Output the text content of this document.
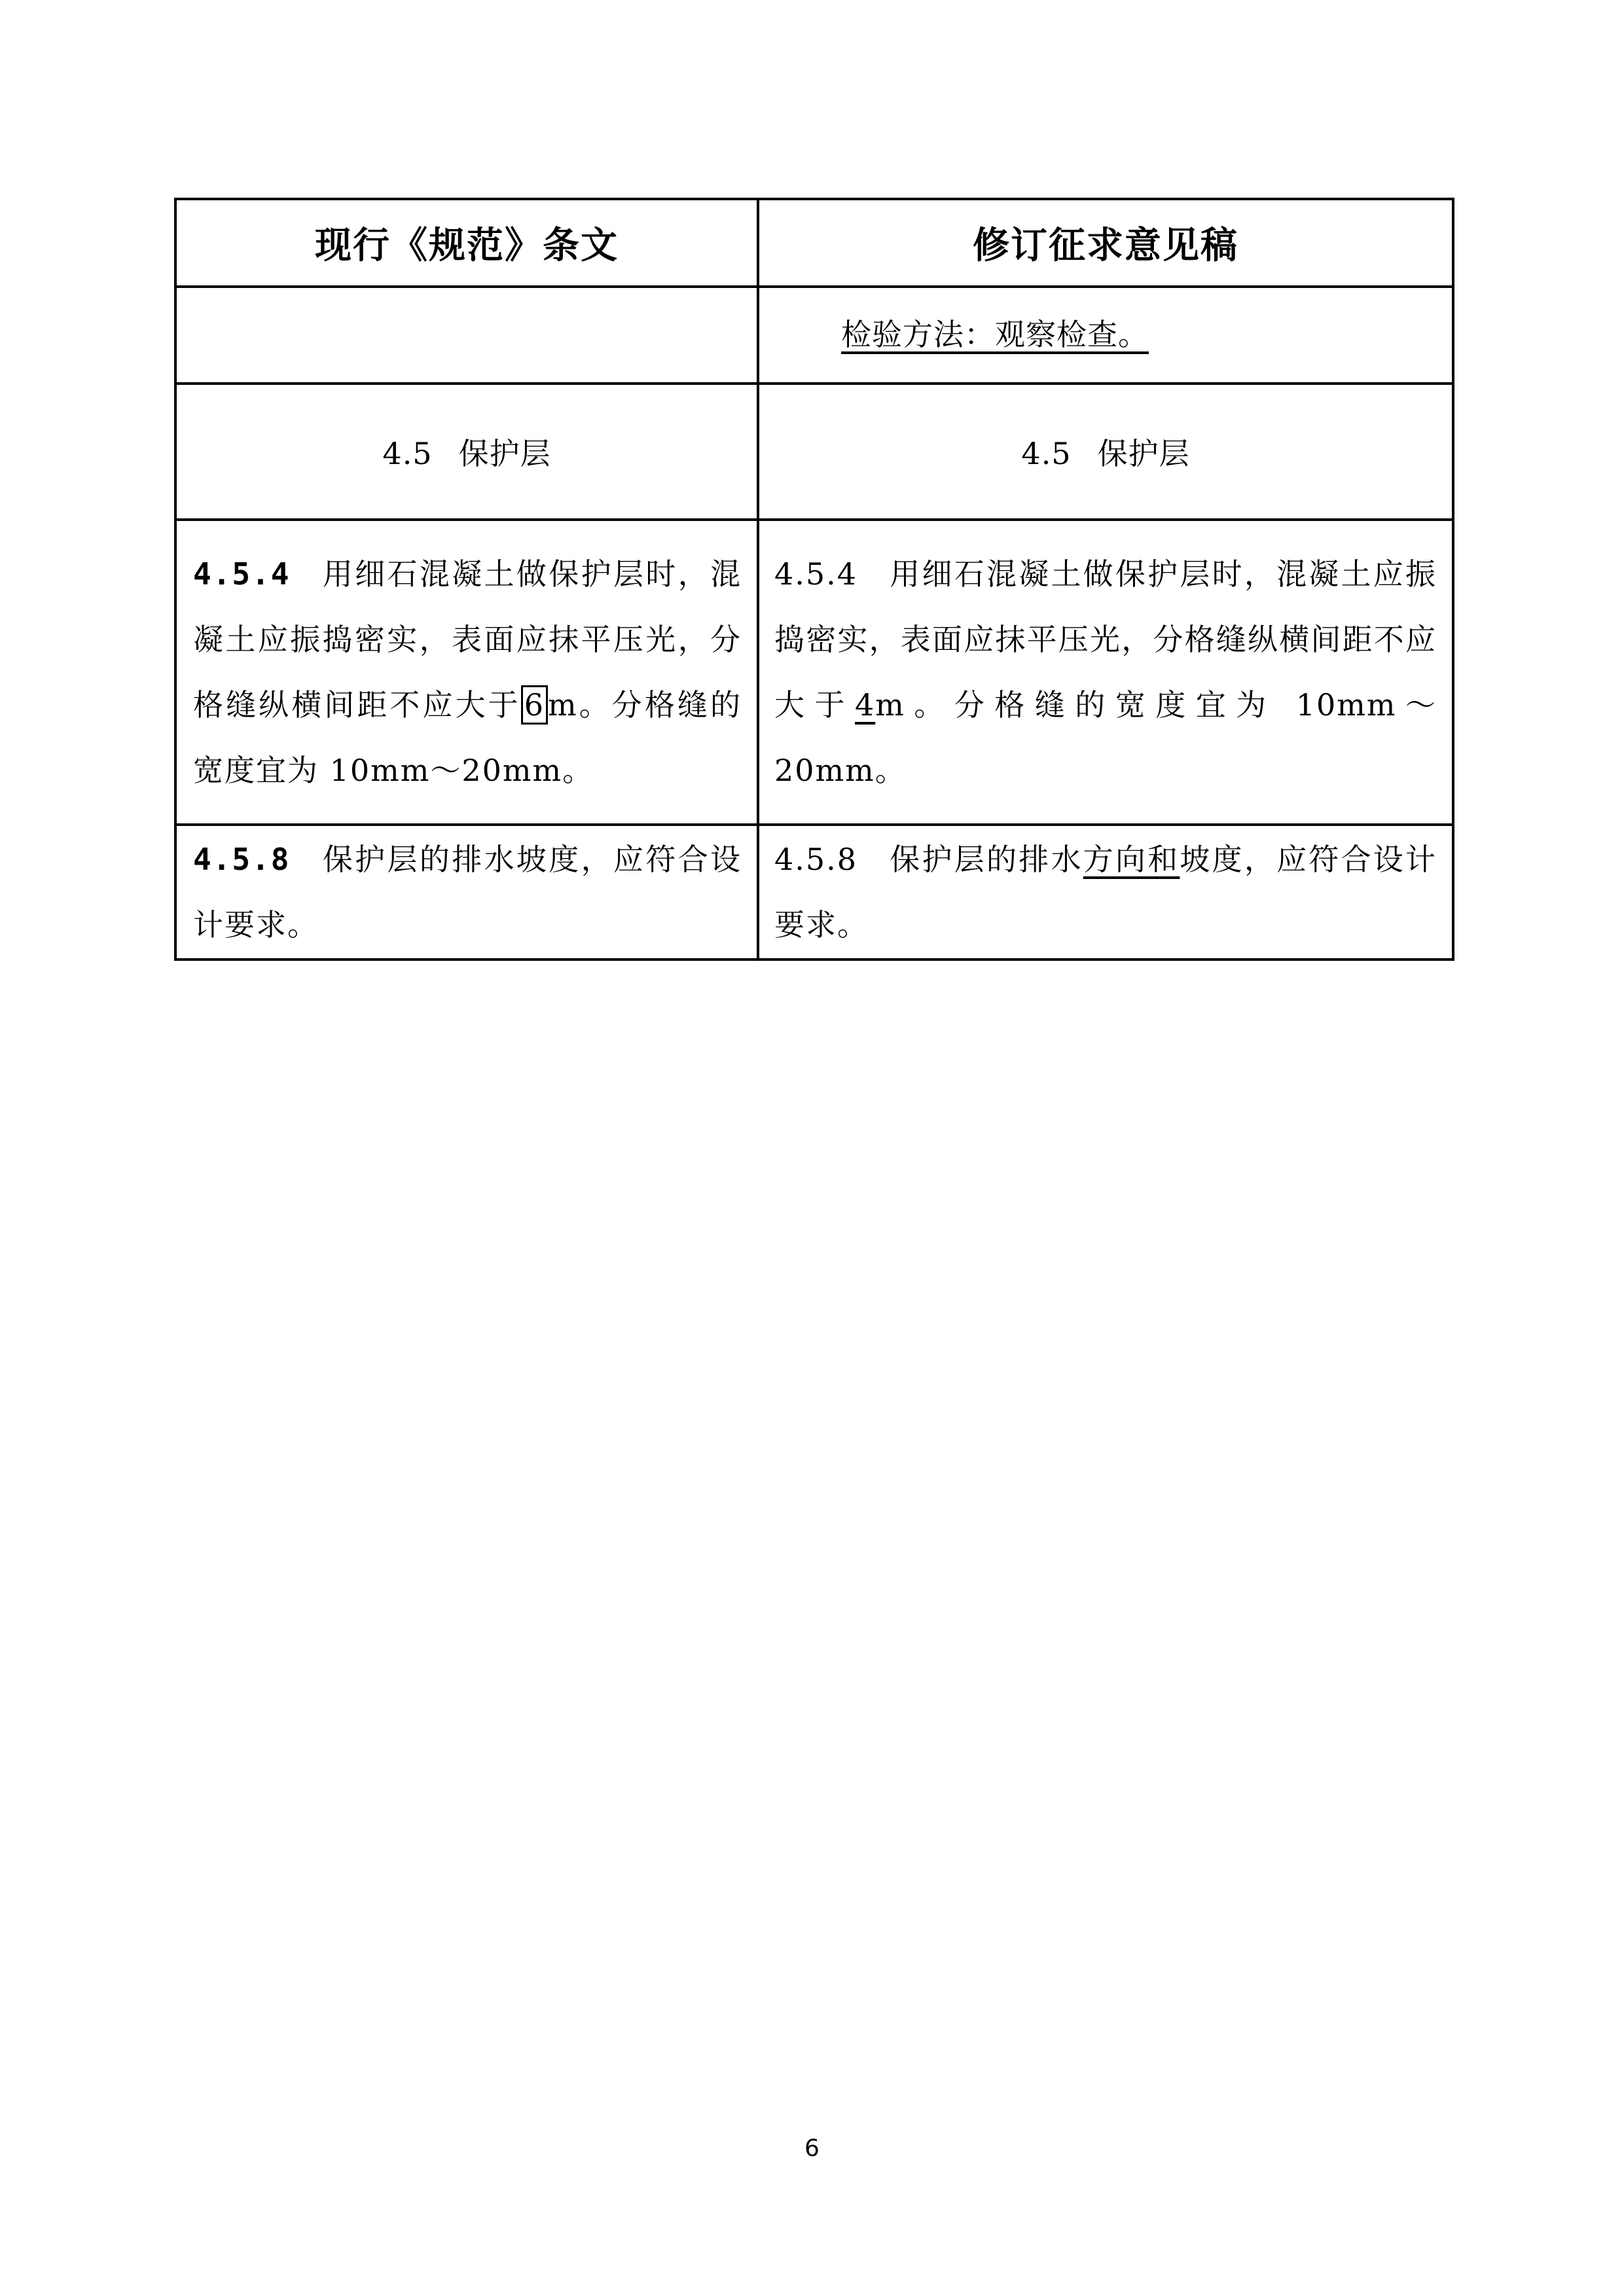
现行《规范》条文	修订征求意见稿
	检验方法：观察检查。
4.5 保护层	4.5 保护层

4.5.4 用细石混凝土做保护层时，混凝土应振捣密实，表面应抹平压光，分格缝纵横间距不应大于 6 m。分格缝的宽度宜为 10mm～20mm。	4.5.4 用细石混凝土做保护层时，混凝土应振捣密实，表面应抹平压光，分格缝纵横间距不应大于4m。分格缝的宽度宜为 10mm～20mm。

4.5.8 保护层的排水坡度，应符合设计要求。	4.5.8 保护层的排水方向和坡度，应符合设计要求。
6
